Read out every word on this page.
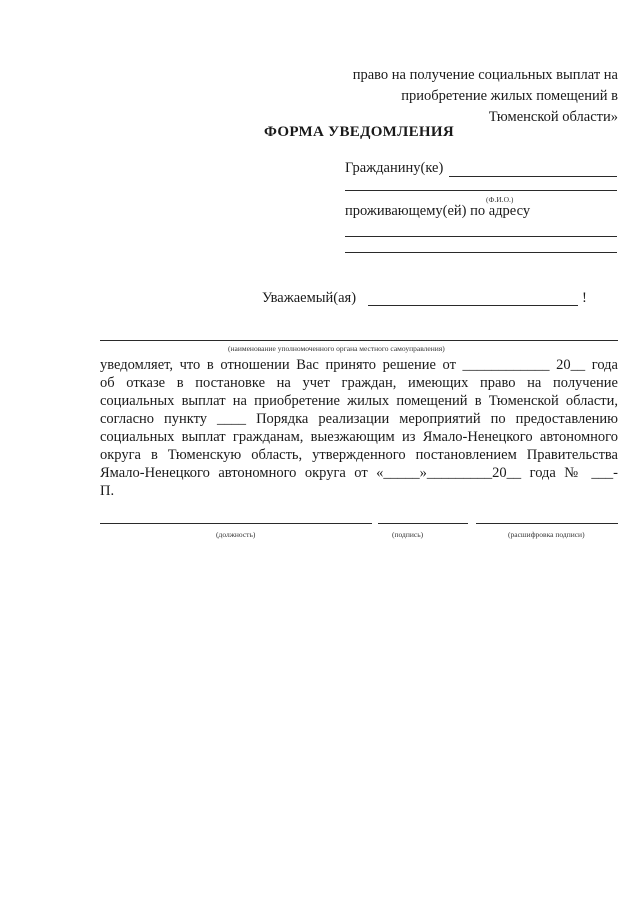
право на получение социальных выплат на
приобретение жилых помещений в
Тюменской области»
ФОРМА УВЕДОМЛЕНИЯ
Гражданину(ке)
(Ф.И.О.)
проживающему(ей) по адресу
Уважаемый(ая)	!
(наименование уполномоченного органа местного самоуправления)
уведомляет, что в отношении Вас принято решение от ____________ 20__ года
об отказе в постановке на учет граждан, имеющих право на получение
социальных выплат на приобретение жилых помещений в Тюменской области,
согласно пункту ____ Порядка реализации мероприятий по предоставлению
социальных выплат гражданам, выезжающим из Ямало-Ненецкого автономного
округа в Тюменскую область, утвержденного постановлением Правительства
Ямало-Ненецкого автономного округа от «_____»_________20__ года № ___-
П.
(должность)	(подпись)	(расшифровка подписи)
